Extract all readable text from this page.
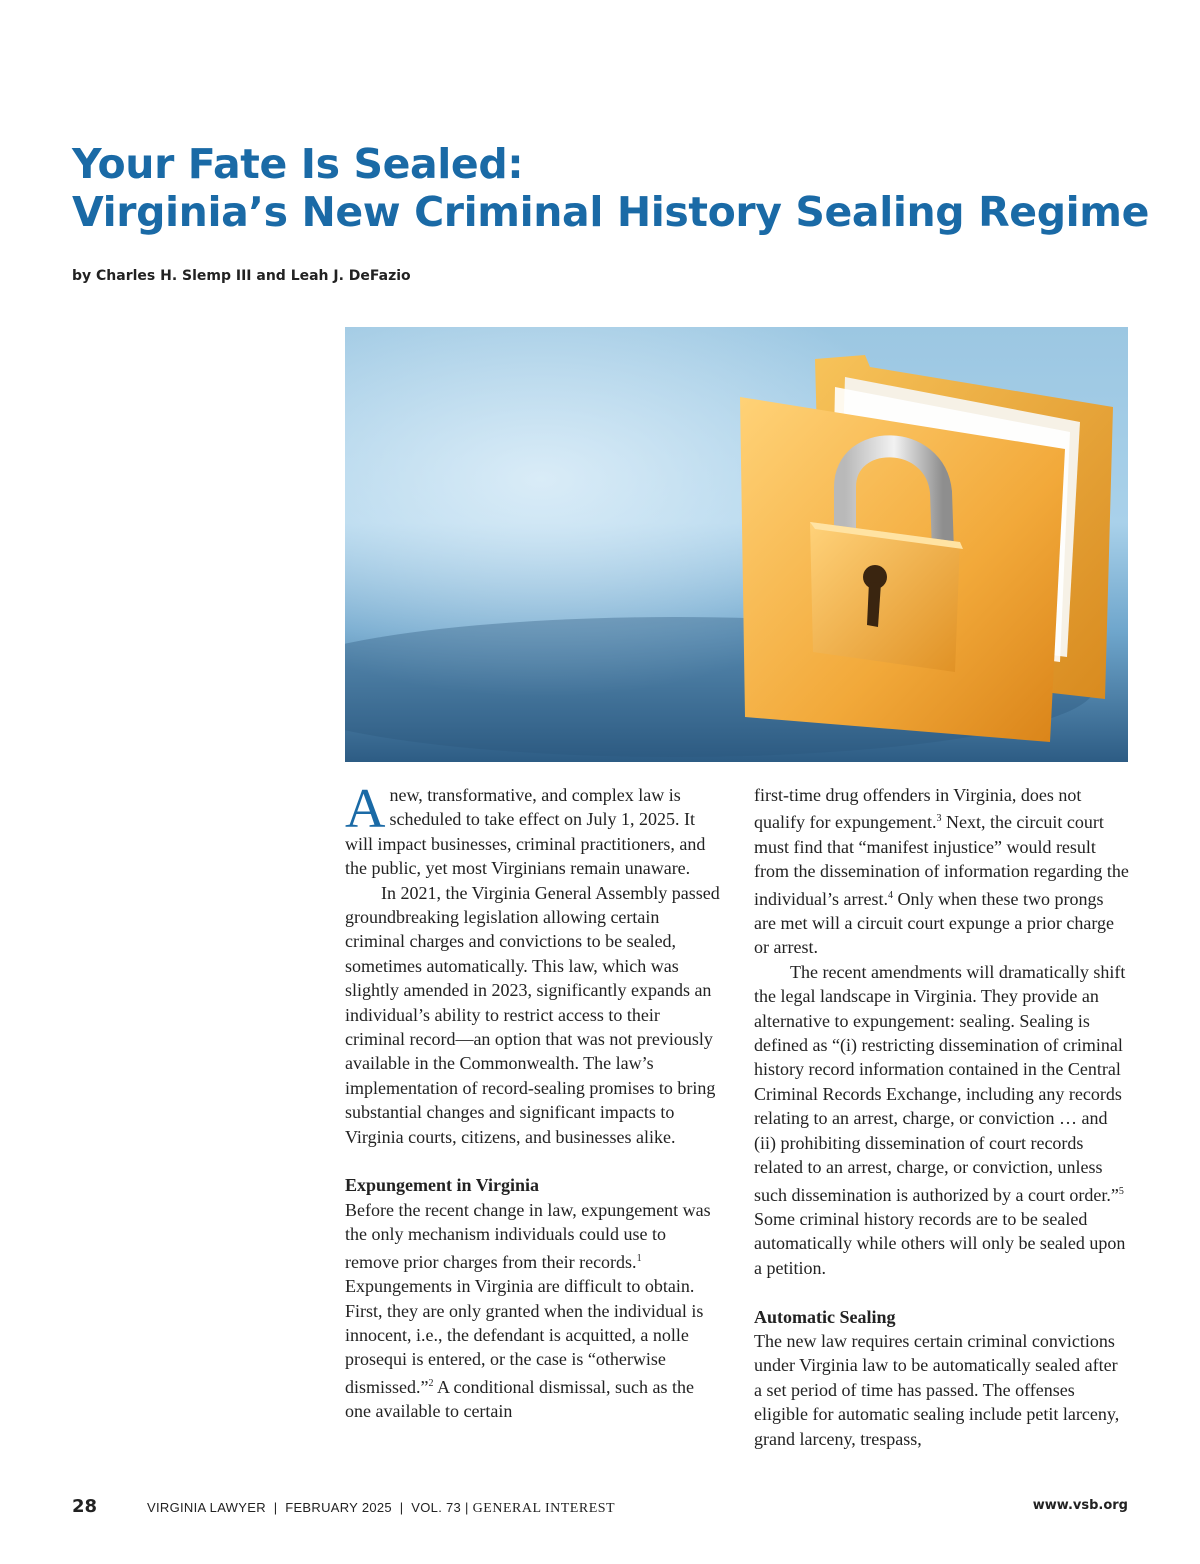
Your Fate Is Sealed:
Virginia’s New Criminal History Sealing Regime
by Charles H. Slemp III and Leah J. DeFazio

Anew, transformative, and complex law is scheduled to take effect on July 1, 2025. It will impact businesses, criminal practitioners, and the public, yet most Virginians remain unaware.

In 2021, the Virginia General Assembly passed groundbreaking legislation allowing certain criminal charges and convictions to be sealed, sometimes automatically. This law, which was slightly amended in 2023, significantly expands an individual’s ability to restrict access to their criminal record—an option that was not previously available in the Commonwealth. The law’s implementation of record-sealing promises to bring substantial changes and significant impacts to Virginia courts, citizens, and businesses alike.

Expungement in Virginia

Before the recent change in law, expungement was the only mechanism individuals could use to remove prior charges from their records.$^1$ Expungements in Virginia are difficult to obtain. First, they are only granted when the individual is innocent, i.e., the defendant is acquitted, a nolle prosequi is entered, or the case is “otherwise dismissed.”$^2$ A conditional dismissal, such as the one available to certain

first-time drug offenders in Virginia, does not qualify for expungement.$^3$ Next, the circuit court must find that “manifest injustice” would result from the dissemination of information regarding the individual’s arrest.$^4$ Only when these two prongs are met will a circuit court expunge a prior charge or arrest.

The recent amendments will dramatically shift the legal landscape in Virginia. They provide an alternative to expungement: sealing. Sealing is defined as “(i) restricting dissemination of criminal history record information contained in the Central Criminal Records Exchange, including any records relating to an arrest, charge, or conviction … and (ii) prohibiting dissemination of court records related to an arrest, charge, or conviction, unless such dissemination is authorized by a court order.”$^5$ Some criminal history records are to be sealed automatically while others will only be sealed upon a petition.

Automatic Sealing

The new law requires certain criminal convictions under Virginia law to be automatically sealed after a set period of time has passed. The offenses eligible for automatic sealing include petit larceny, grand larceny, trespass,

28	VIRGINIA LAWYER  |  FEBRUARY 2025  |  VOL. 73 | GENERAL INTEREST	www.vsb.org
